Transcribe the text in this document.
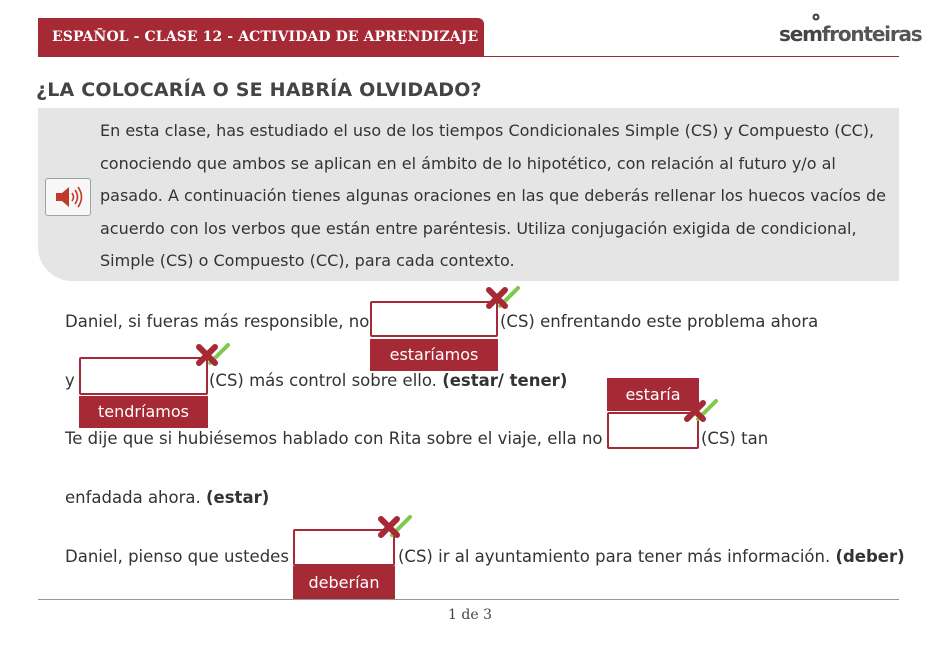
ESPAÑOL - CLASE 12 - ACTIVIDAD DE APRENDIZAJE	semfronteiras
¿LA COLOCARÍA O SE HABRÍA OLVIDADO?
En esta clase, has estudiado el uso de los tiempos Condicionales Simple (CS) y Compuesto (CC), conociendo que ambos se aplican en el ámbito de lo hipotético, con relación al futuro y/o al pasado. A continuación tienes algunas oraciones en las que deberás rellenar los huecos vacíos de acuerdo con los verbos que están entre paréntesis. Utiliza conjugación exigida de condicional, Simple (CS) o Compuesto (CC), para cada contexto.
Daniel, si fueras más responsible, no
estaríamos
(CS) enfrentando este problema ahora
y
tendríamos
(CS) más control sobre ello. (estar/ tener)
estaría
Te dije que si hubiésemos hablado con Rita sobre el viaje, ella no	(CS) tan
enfadada ahora. (estar)
Daniel, pienso que ustedes
deberían
(CS) ir al ayuntamiento para tener más información. (deber)
1 de 3
